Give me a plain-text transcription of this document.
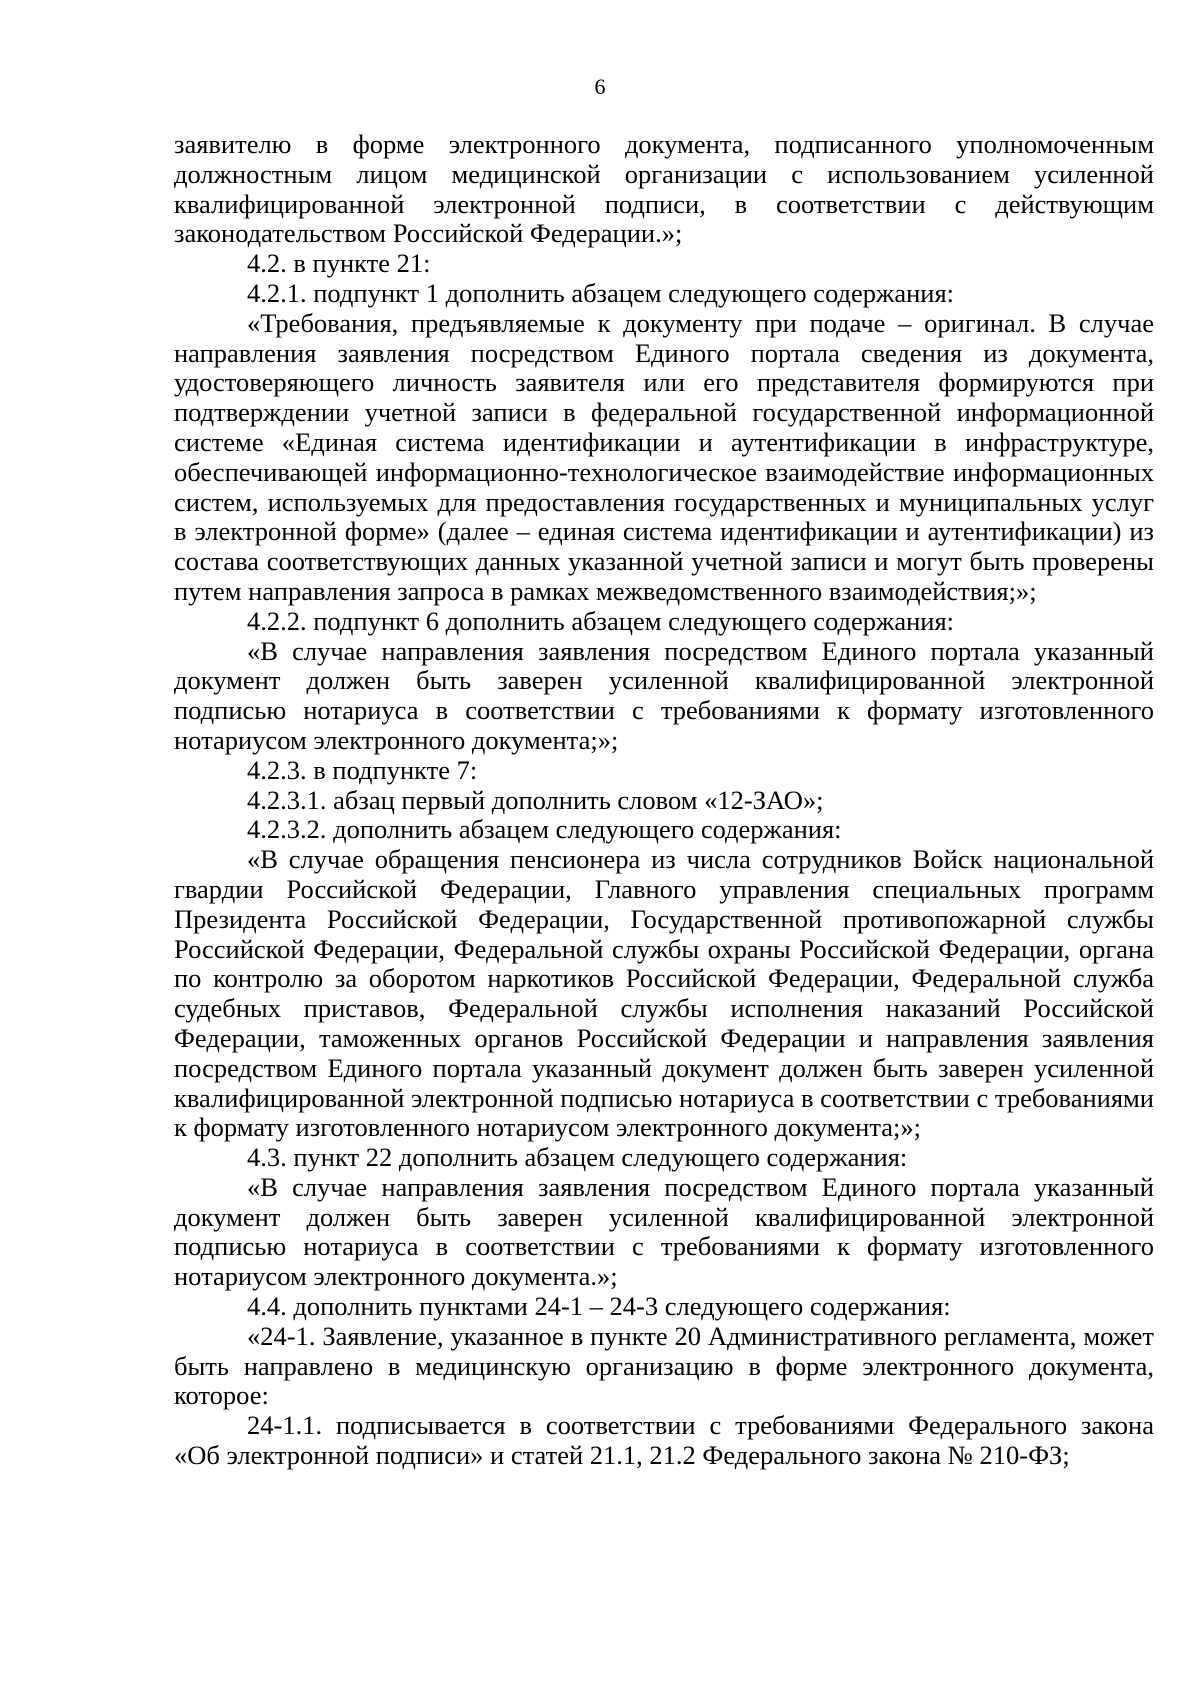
6

заявителю в форме электронного документа, подписанного уполномоченным должностным лицом медицинской организации с использованием усиленной квалифицированной электронной подписи, в соответствии с действующим законодательством Российской Федерации.»;

4.2. в пункте 21:

4.2.1. подпункт 1 дополнить абзацем следующего содержания:

«Требования, предъявляемые к документу при подаче – оригинал. В случае направления заявления посредством Единого портала сведения из документа, удостоверяющего личность заявителя или его представителя формируются при подтверждении учетной записи в федеральной государственной информационной системе «Единая система идентификации и аутентификации в инфраструктуре, обеспечивающей информационно-технологическое взаимодействие информационных систем, используемых для предоставления государственных и муниципальных услуг в электронной форме» (далее – единая система идентификации и аутентификации) из состава соответствующих данных указанной учетной записи и могут быть проверены путем направления запроса в рамках межведомственного взаимодействия;»;

4.2.2. подпункт 6 дополнить абзацем следующего содержания:

«В случае направления заявления посредством Единого портала указанный документ должен быть заверен усиленной квалифицированной электронной подписью нотариуса в соответствии с требованиями к формату изготовленного нотариусом электронного документа;»;

4.2.3. в подпункте 7:

4.2.3.1. абзац первый дополнить словом «12-ЗАО»;

4.2.3.2. дополнить абзацем следующего содержания:

«В случае обращения пенсионера из числа сотрудников Войск национальной гвардии Российской Федерации, Главного управления специальных программ Президента Российской Федерации, Государственной противопожарной службы Российской Федерации, Федеральной службы охраны Российской Федерации, органа по контролю за оборотом наркотиков Российской Федерации, Федеральной служба судебных приставов, Федеральной службы исполнения наказаний Российской Федерации, таможенных органов Российской Федерации и направления заявления посредством Единого портала указанный документ должен быть заверен усиленной квалифицированной электронной подписью нотариуса в соответствии с требованиями к формату изготовленного нотариусом электронного документа;»;

4.3. пункт 22 дополнить абзацем следующего содержания:

«В случае направления заявления посредством Единого портала указанный документ должен быть заверен усиленной квалифицированной электронной подписью нотариуса в соответствии с требованиями к формату изготовленного нотариусом электронного документа.»;

4.4. дополнить пунктами 24-1 – 24-3 следующего содержания:

«24-1. Заявление, указанное в пункте 20 Административного регламента, может быть направлено в медицинскую организацию в форме электронного документа, которое:

24-1.1. подписывается в соответствии с требованиями Федерального закона «Об электронной подписи» и статей 21.1, 21.2 Федерального закона № 210-ФЗ;
